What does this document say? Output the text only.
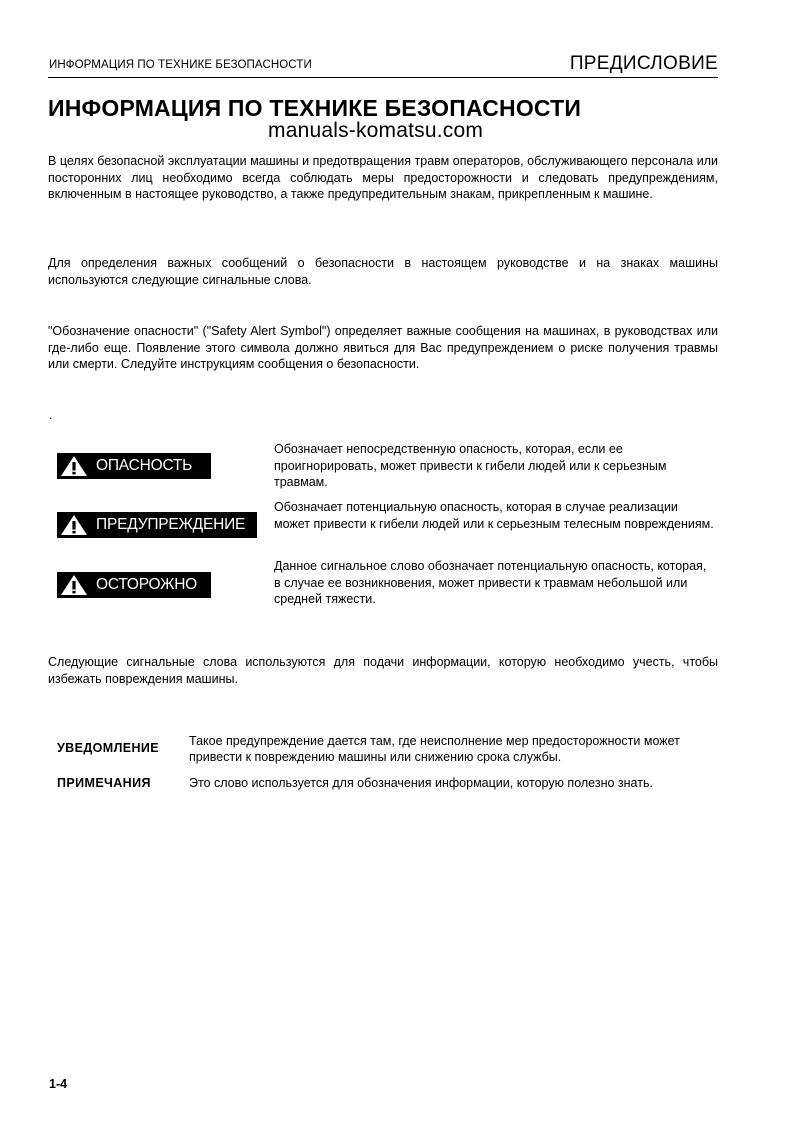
ИНФОРМАЦИЯ ПО ТЕХНИКЕ БЕЗОПАСНОСТИ	ПРЕДИСЛОВИЕ
ИНФОРМАЦИЯ ПО ТЕХНИКЕ БЕЗОПАСНОСТИ
manuals-komatsu.com
В целях безопасной эксплуатации машины и предотвращения травм операторов, обслуживающего персонала или посторонних лиц необходимо всегда соблюдать меры предосторожности и следовать предупреждениям, включенным в настоящее руководство, а также предупредительным знакам, прикрепленным к машине.
Для определения важных сообщений о безопасности в настоящем руководстве и на знаках машины используются следующие сигнальные слова.
"Обозначение опасности" ("Safety Alert Symbol") определяет важные сообщения на машинах, в руководствах или где-либо еще. Появление этого символа должно явиться для Вас предупреждением о риске получения травмы или смерти. Следуйте инструкциям сообщения о безопасности.
.
ОПАСНОСТЬ
Обозначает непосредственную опасность, которая, если ее проигнорировать, может привести к гибели людей или к серьезным травмам.
ПРЕДУПРЕЖДЕНИЕ
Обозначает потенциальную опасность, которая в случае реализации может привести к гибели людей или к серьезным телесным повреждениям.
ОСТОРОЖНО
Данное сигнальное слово обозначает потенциальную опасность, которая, в случае ее возникновения, может привести к травмам небольшой или средней тяжести.
Следующие сигнальные слова используются для подачи информации, которую необходимо учесть, чтобы избежать повреждения машины.
УВЕДОМЛЕНИЕ Такое предупреждение дается там, где неисполнение мер предосторожности может привести к повреждению машины или снижению срока службы.
ПРИМЕЧАНИЯ	Это слово используется для обозначения информации, которую полезно знать.
1-4
